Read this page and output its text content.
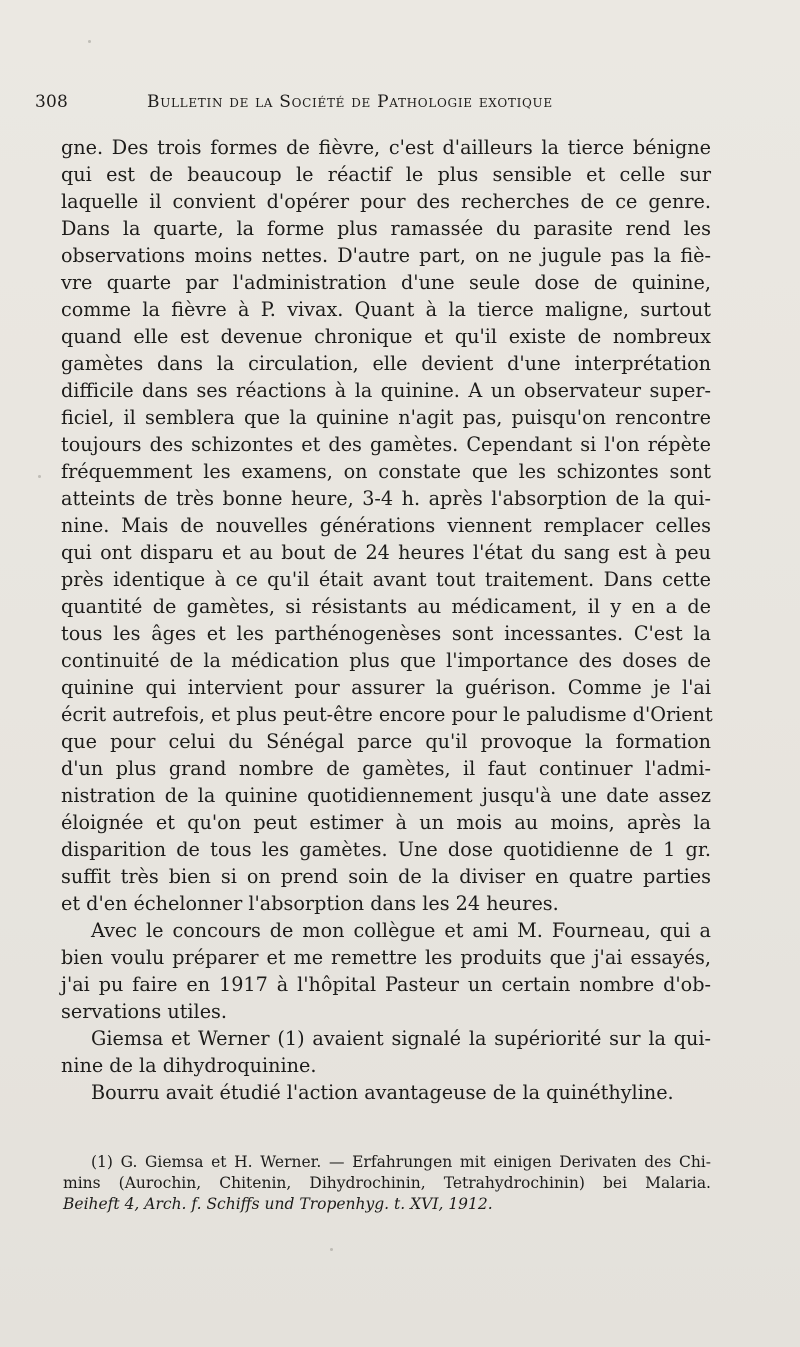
308	Bulletin de la Société de Pathologie exotique
gne. Des trois formes de fièvre, c'est d'ailleurs la tierce bénigne
qui est de beaucoup le réactif le plus sensible et celle sur
laquelle il convient d'opérer pour des recherches de ce genre.
Dans la quarte, la forme plus ramassée du parasite rend les
observations moins nettes. D'autre part, on ne jugule pas la fiè-
vre quarte par l'administration d'une seule dose de quinine,
comme la fièvre à P. vivax. Quant à la tierce maligne, surtout
quand elle est devenue chronique et qu'il existe de nombreux
gamètes dans la circulation, elle devient d'une interprétation
difficile dans ses réactions à la quinine. A un observateur super-
ficiel, il semblera que la quinine n'agit pas, puisqu'on rencontre
toujours des schizontes et des gamètes. Cependant si l'on répète
fréquemment les examens, on constate que les schizontes sont
atteints de très bonne heure, 3-4 h. après l'absorption de la qui-
nine. Mais de nouvelles générations viennent remplacer celles
qui ont disparu et au bout de 24 heures l'état du sang est à peu
près identique à ce qu'il était avant tout traitement. Dans cette
quantité de gamètes, si résistants au médicament, il y en a de
tous les âges et les parthénogenèses sont incessantes. C'est la
continuité de la médication plus que l'importance des doses de
quinine qui intervient pour assurer la guérison. Comme je l'ai
écrit autrefois, et plus peut-être encore pour le paludisme d'Orient
que pour celui du Sénégal parce qu'il provoque la formation
d'un plus grand nombre de gamètes, il faut continuer l'admi-
nistration de la quinine quotidiennement jusqu'à une date assez
éloignée et qu'on peut estimer à un mois au moins, après la
disparition de tous les gamètes. Une dose quotidienne de 1 gr.
suffit très bien si on prend soin de la diviser en quatre parties
et d'en échelonner l'absorption dans les 24 heures.
Avec le concours de mon collègue et ami M. Fourneau, qui a
bien voulu préparer et me remettre les produits que j'ai essayés,
j'ai pu faire en 1917 à l'hôpital Pasteur un certain nombre d'ob-
servations utiles.
Giemsa et Werner (1) avaient signalé la supériorité sur la qui-
nine de la dihydroquinine.
Bourru avait étudié l'action avantageuse de la quinéthyline.
(1) G. Giemsa et H. Werner. — Erfahrungen mit einigen Derivaten des Chi-
mins (Aurochin, Chitenin, Dihydrochinin, Tetrahydrochinin) bei Malaria.
Beiheft 4, Arch. f. Schiffs und Tropenhyg. t. XVI, 1912.
